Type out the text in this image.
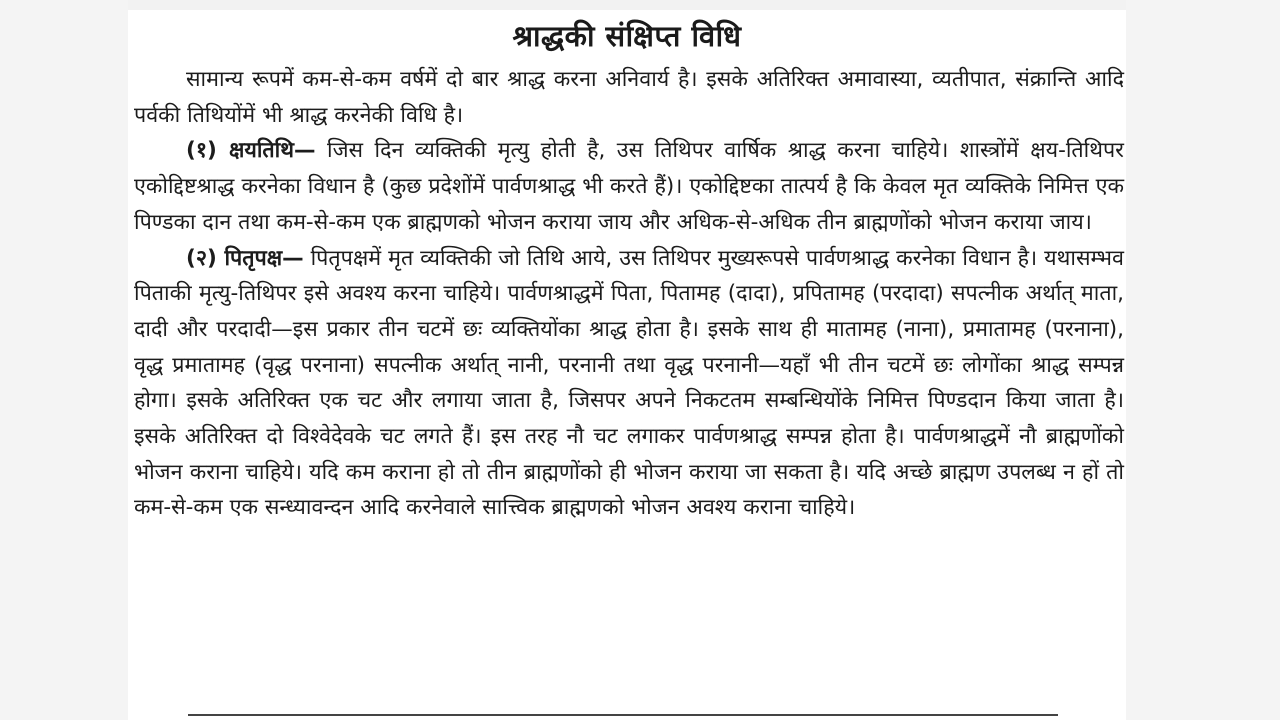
श्राद्धकी संक्षिप्त विधि

सामान्य रूपमें कम-से-कम वर्षमें दो बार श्राद्ध करना अनिवार्य है। इसके अतिरिक्त अमावास्या, व्यतीपात, संक्रान्ति आदि पर्वकी तिथियोंमें भी श्राद्ध करनेकी विधि है।

(१) क्षयतिथि— जिस दिन व्यक्तिकी मृत्यु होती है, उस तिथिपर वार्षिक श्राद्ध करना चाहिये। शास्त्रोंमें क्षय-तिथिपर एकोद्दिष्टश्राद्ध करनेका विधान है (कुछ प्रदेशोंमें पार्वणश्राद्ध भी करते हैं)। एकोद्दिष्टका तात्पर्य है कि केवल मृत व्यक्तिके निमित्त एक पिण्डका दान तथा कम-से-कम एक ब्राह्मणको भोजन कराया जाय और अधिक-से-अधिक तीन ब्राह्मणोंको भोजन कराया जाय।

(२) पितृपक्ष— पितृपक्षमें मृत व्यक्तिकी जो तिथि आये, उस तिथिपर मुख्यरूपसे पार्वणश्राद्ध करनेका विधान है। यथासम्भव पिताकी मृत्यु-तिथिपर इसे अवश्य करना चाहिये। पार्वणश्राद्धमें पिता, पितामह (दादा), प्रपितामह (परदादा) सपत्नीक अर्थात् माता, दादी और परदादी—इस प्रकार तीन चटमें छः व्यक्तियोंका श्राद्ध होता है। इसके साथ ही मातामह (नाना), प्रमातामह (परनाना), वृद्ध प्रमातामह (वृद्ध परनाना) सपत्नीक अर्थात् नानी, परनानी तथा वृद्ध परनानी—यहाँ भी तीन चटमें छः लोगोंका श्राद्ध सम्पन्न होगा। इसके अतिरिक्त एक चट और लगाया जाता है, जिसपर अपने निकटतम सम्बन्धियोंके निमित्त पिण्डदान किया जाता है। इसके अतिरिक्त दो विश्वेदेवके चट लगते हैं। इस तरह नौ चट लगाकर पार्वणश्राद्ध सम्पन्न होता है। पार्वणश्राद्धमें नौ ब्राह्मणोंको भोजन कराना चाहिये। यदि कम कराना हो तो तीन ब्राह्मणोंको ही भोजन कराया जा सकता है। यदि अच्छे ब्राह्मण उपलब्ध न हों तो कम-से-कम एक सन्ध्यावन्दन आदि करनेवाले सात्त्विक ब्राह्मणको भोजन अवश्य कराना चाहिये।
